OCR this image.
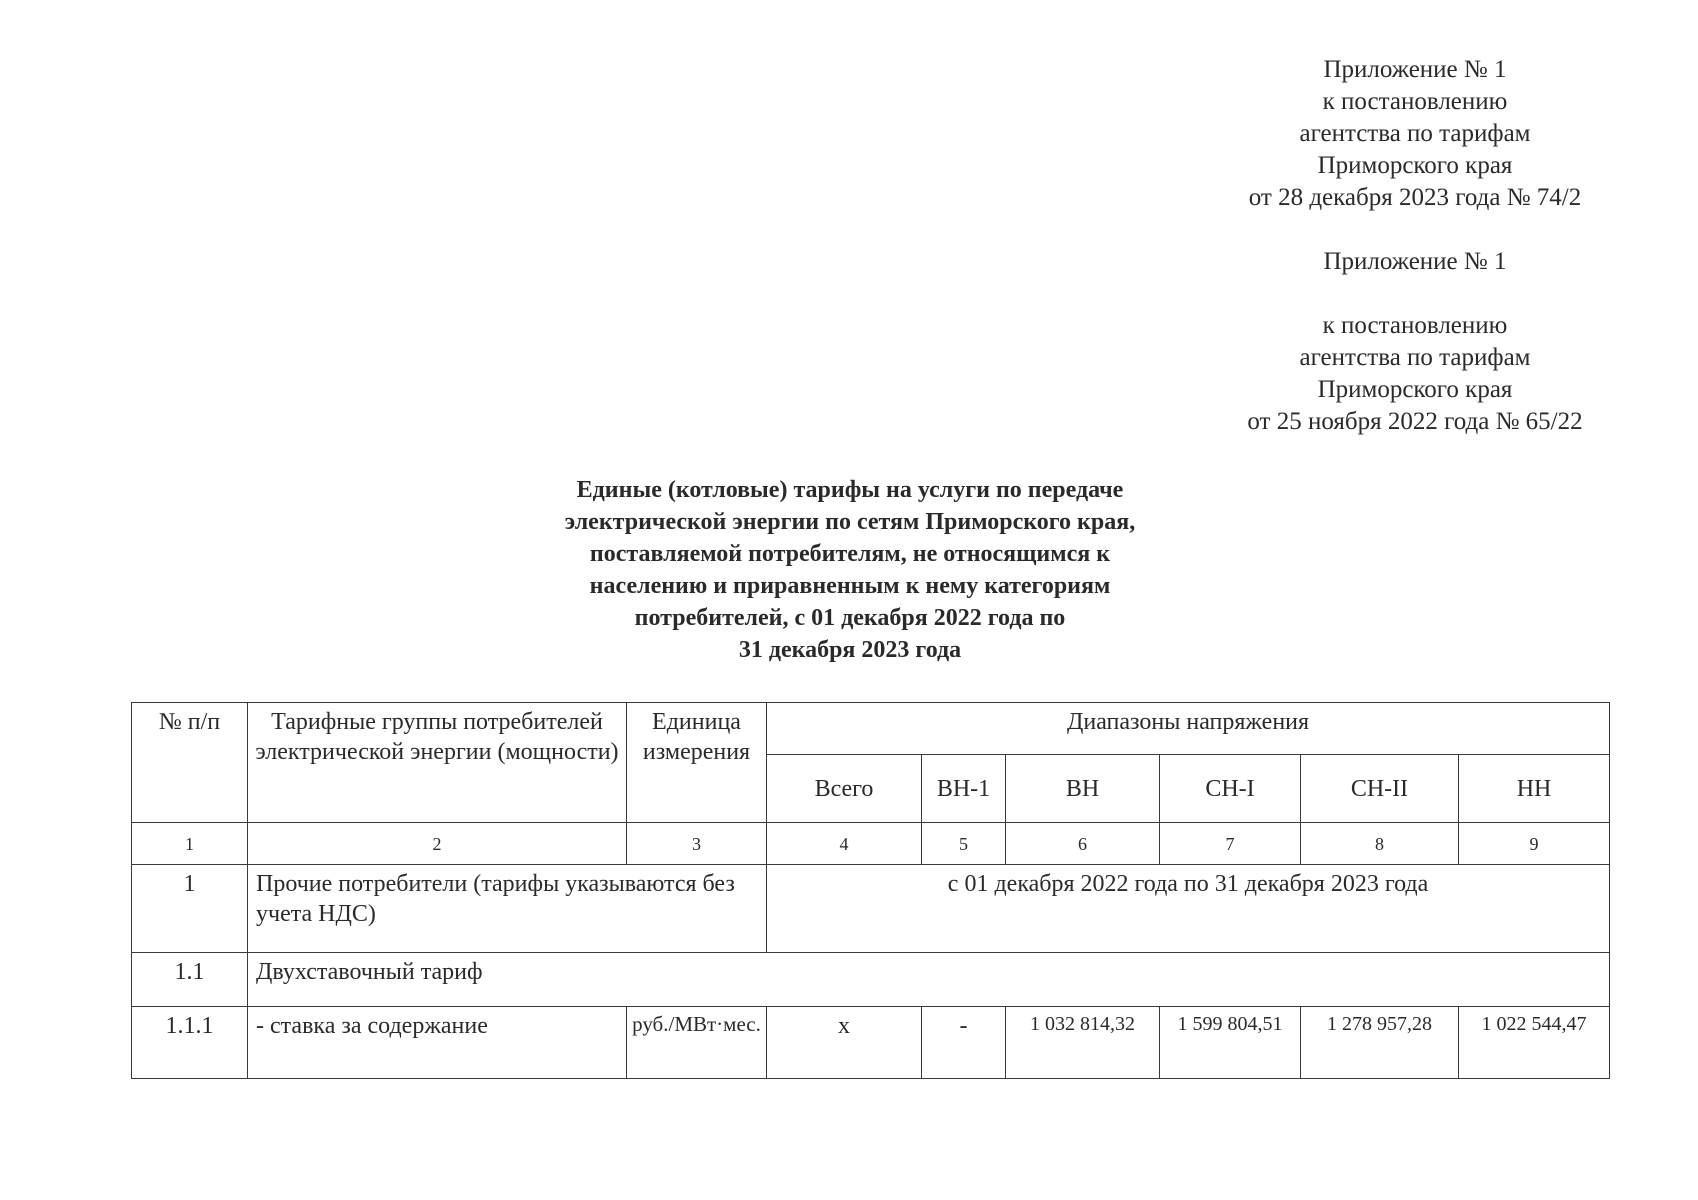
Приложение № 1
к постановлению
агентства по тарифам
Приморского края
от 28 декабря 2023 года № 74/2
Приложение № 1
к постановлению
агентства по тарифам
Приморского края
от 25 ноября 2022 года № 65/22
Единые (котловые) тарифы на услуги по передаче
электрической энергии по сетям Приморского края,
поставляемой потребителям, не относящимся к
населению и приравненным к нему категориям
потребителей, с 01 декабря 2022 года по
31 декабря 2023 года
№ п/п	Тарифные группы потребителей электрической энергии (мощности)	Единица измерения	Диапазоны напряжения					
			Всего	ВН-1	ВН	СН-I	СН-II	НН
1	2	3	4	5	6	7	8	9
1	Прочие потребители (тарифы указываются без учета НДС)		с 01 декабря 2022 года по 31 декабря 2023 года					
1.1	Двухставочный тариф							
1.1.1	- ставка за содержание	руб./МВт·мес.	х	-	1 032 814,32	1 599 804,51	1 278 957,28	1 022 544,47
